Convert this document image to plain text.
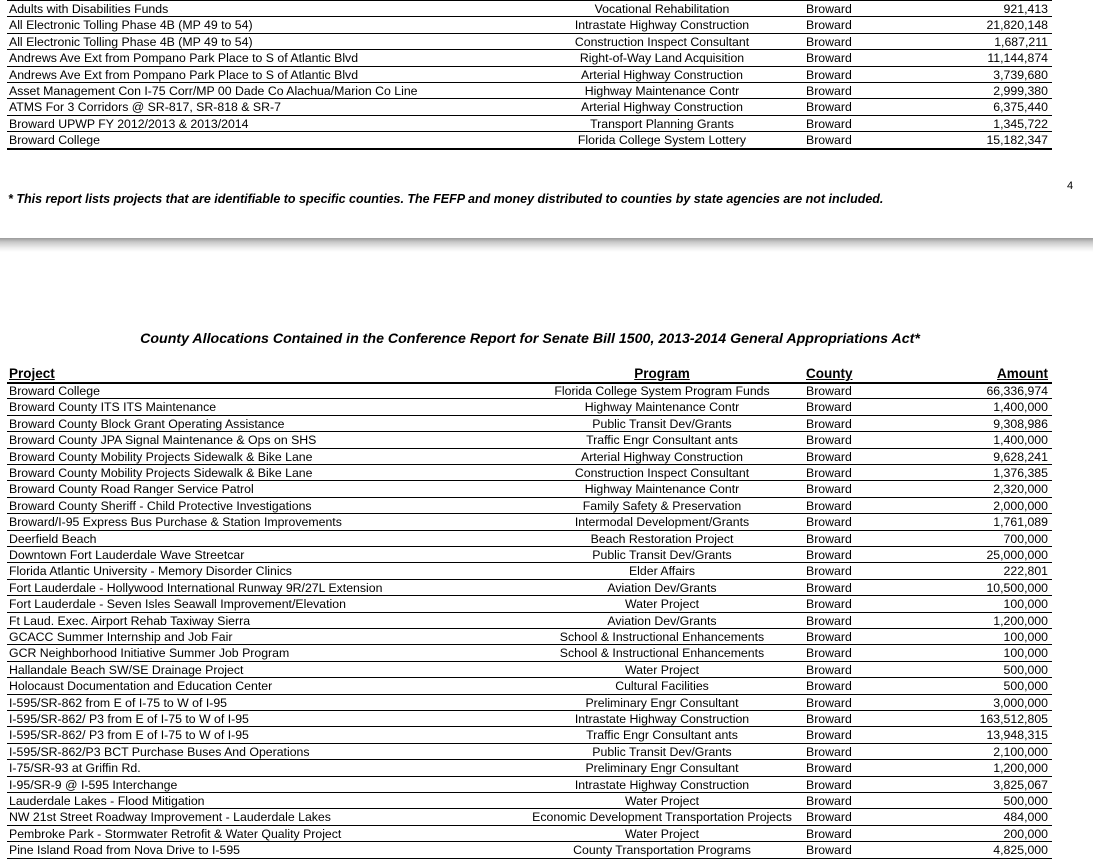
Adults with Disabilities Funds	Vocational Rehabilitation	Broward	921,413
All Electronic Tolling Phase 4B (MP 49 to 54)	Intrastate Highway Construction	Broward	21,820,148
All Electronic Tolling Phase 4B (MP 49 to 54)	Construction Inspect Consultant	Broward	1,687,211
Andrews Ave Ext from Pompano Park Place to S of Atlantic Blvd	Right-of-Way Land Acquisition	Broward	11,144,874
Andrews Ave Ext from Pompano Park Place to S of Atlantic Blvd	Arterial Highway Construction	Broward	3,739,680
Asset Management Con I-75 Corr/MP 00 Dade Co Alachua/Marion Co Line	Highway Maintenance Contr	Broward	2,999,380
ATMS For 3 Corridors @ SR-817, SR-818 & SR-7	Arterial Highway Construction	Broward	6,375,440
Broward UPWP FY 2012/2013 & 2013/2014	Transport Planning Grants	Broward	1,345,722
Broward College	Florida College System Lottery	Broward	15,182,347
4
* This report lists projects that are identifiable to specific counties. The FEFP and money distributed to counties by state agencies are not included.
County Allocations Contained in the Conference Report for Senate Bill 1500, 2013-2014 General Appropriations Act*
Project	Program	County	Amount
Broward College	Florida College System Program Funds	Broward	66,336,974
Broward County ITS ITS Maintenance	Highway Maintenance Contr	Broward	1,400,000
Broward County Block Grant Operating Assistance	Public Transit Dev/Grants	Broward	9,308,986
Broward County JPA Signal Maintenance & Ops on SHS	Traffic Engr Consultant ants	Broward	1,400,000
Broward County Mobility Projects Sidewalk & Bike Lane	Arterial Highway Construction	Broward	9,628,241
Broward County Mobility Projects Sidewalk & Bike Lane	Construction Inspect Consultant	Broward	1,376,385
Broward County Road Ranger Service Patrol	Highway Maintenance Contr	Broward	2,320,000
Broward County Sheriff - Child Protective Investigations	Family Safety & Preservation	Broward	2,000,000
Broward/I-95 Express Bus Purchase & Station Improvements	Intermodal Development/Grants	Broward	1,761,089
Deerfield Beach	Beach Restoration Project	Broward	700,000
Downtown Fort Lauderdale Wave Streetcar	Public Transit Dev/Grants	Broward	25,000,000
Florida Atlantic University - Memory Disorder Clinics	Elder Affairs	Broward	222,801
Fort Lauderdale - Hollywood International Runway 9R/27L Extension	Aviation Dev/Grants	Broward	10,500,000
Fort Lauderdale - Seven Isles Seawall Improvement/Elevation	Water Project	Broward	100,000
Ft Laud. Exec. Airport Rehab Taxiway Sierra	Aviation Dev/Grants	Broward	1,200,000
GCACC Summer Internship and Job Fair	School & Instructional Enhancements	Broward	100,000
GCR Neighborhood Initiative Summer Job Program	School & Instructional Enhancements	Broward	100,000
Hallandale Beach SW/SE Drainage Project	Water Project	Broward	500,000
Holocaust Documentation and Education Center	Cultural Facilities	Broward	500,000
I-595/SR-862 from E of I-75 to W of I-95	Preliminary Engr Consultant	Broward	3,000,000
I-595/SR-862/ P3 from E of I-75 to W of I-95	Intrastate Highway Construction	Broward	163,512,805
I-595/SR-862/ P3 from E of I-75 to W of I-95	Traffic Engr Consultant ants	Broward	13,948,315
I-595/SR-862/P3 BCT Purchase Buses And Operations	Public Transit Dev/Grants	Broward	2,100,000
I-75/SR-93 at Griffin Rd.	Preliminary Engr Consultant	Broward	1,200,000
I-95/SR-9 @ I-595 Interchange	Intrastate Highway Construction	Broward	3,825,067
Lauderdale Lakes - Flood Mitigation	Water Project	Broward	500,000
NW 21st Street Roadway Improvement - Lauderdale Lakes	Economic Development Transportation Projects	Broward	484,000
Pembroke Park - Stormwater Retrofit & Water Quality Project	Water Project	Broward	200,000
Pine Island Road from Nova Drive to I-595	County Transportation Programs	Broward	4,825,000
